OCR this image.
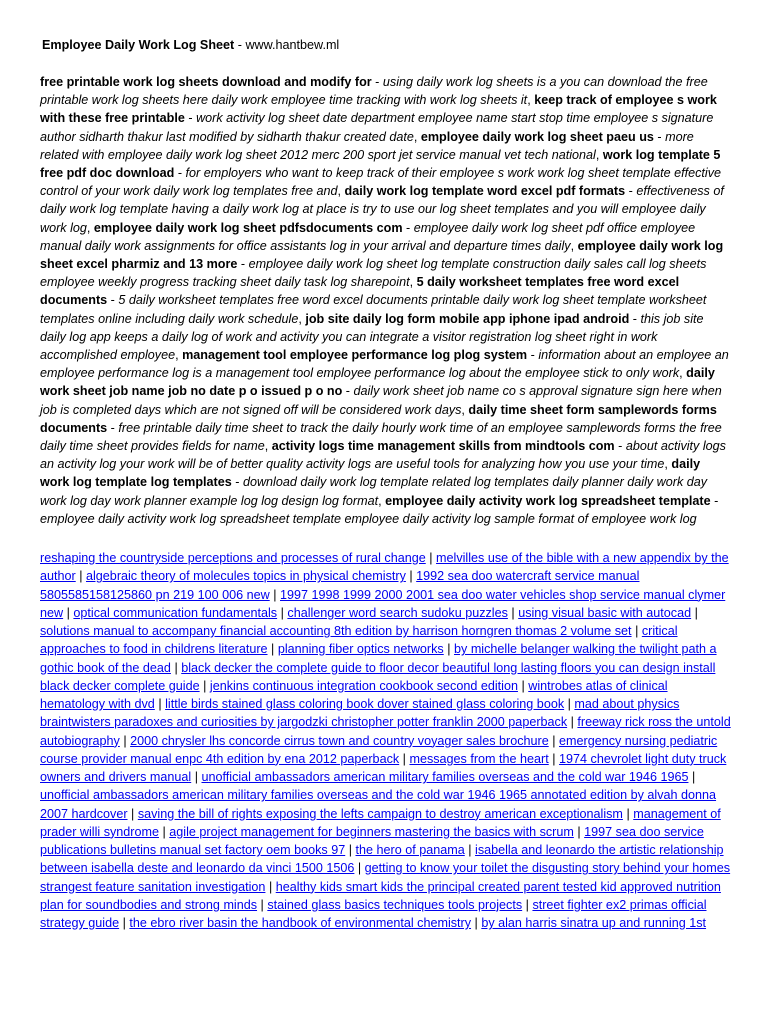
Employee Daily Work Log Sheet - www.hantbew.ml
free printable work log sheets download and modify for - using daily work log sheets is a you can download the free printable work log sheets here daily work employee time tracking with work log sheets it, keep track of employee s work with these free printable - work activity log sheet date department employee name start stop time employee s signature author sidharth thakur last modified by sidharth thakur created date, employee daily work log sheet paeu us - more related with employee daily work log sheet 2012 merc 200 sport jet service manual vet tech national, work log template 5 free pdf doc download - for employers who want to keep track of their employee s work work log sheet template effective control of your work daily work log templates free and, daily work log template word excel pdf formats - effectiveness of daily work log template having a daily work log at place is try to use our log sheet templates and you will employee daily work log, employee daily work log sheet pdfsdocuments com - employee daily work log sheet pdf office employee manual daily work assignments for office assistants log in your arrival and departure times daily, employee daily work log sheet excel pharmiz and 13 more - employee daily work log sheet log template construction daily sales call log sheets employee weekly progress tracking sheet daily task log sharepoint, 5 daily worksheet templates free word excel documents - 5 daily worksheet templates free word excel documents printable daily work log sheet template worksheet templates online including daily work schedule, job site daily log form mobile app iphone ipad android - this job site daily log app keeps a daily log of work and activity you can integrate a visitor registration log sheet right in work accomplished employee, management tool employee performance log plog system - information about an employee an employee performance log is a management tool employee performance log about the employee stick to only work, daily work sheet job name job no date p o issued p o no - daily work sheet job name co s approval signature sign here when job is completed days which are not signed off will be considered work days, daily time sheet form samplewords forms documents - free printable daily time sheet to track the daily hourly work time of an employee samplewords forms the free daily time sheet provides fields for name, activity logs time management skills from mindtools com - about activity logs an activity log your work will be of better quality activity logs are useful tools for analyzing how you use your time, daily work log template log templates - download daily work log template related log templates daily planner daily work day work log day work planner example log log design log format, employee daily activity work log spreadsheet template - employee daily activity work log spreadsheet template employee daily activity log sample format of employee work log
reshaping the countryside perceptions and processes of rural change | melvilles use of the bible with a new appendix by the author | algebraic theory of molecules topics in physical chemistry | 1992 sea doo watercraft service manual 5805585158125860 pn 219 100 006 new | 1997 1998 1999 2000 2001 sea doo water vehicles shop service manual clymer new | optical communication fundamentals | challenger word search sudoku puzzles | using visual basic with autocad | solutions manual to accompany financial accounting 8th edition by harrison horngren thomas 2 volume set | critical approaches to food in childrens literature | planning fiber optics networks | by michelle belanger walking the twilight path a gothic book of the dead | black decker the complete guide to floor decor beautiful long lasting floors you can design install black decker complete guide | jenkins continuous integration cookbook second edition | wintrobes atlas of clinical hematology with dvd | little birds stained glass coloring book dover stained glass coloring book | mad about physics braintwisters paradoxes and curiosities by jargodzki christopher potter franklin 2000 paperback | freeway rick ross the untold autobiography | 2000 chrysler lhs concorde cirrus town and country voyager sales brochure | emergency nursing pediatric course provider manual enpc 4th edition by ena 2012 paperback | messages from the heart | 1974 chevrolet light duty truck owners and drivers manual | unofficial ambassadors american military families overseas and the cold war 1946 1965 | unofficial ambassadors american military families overseas and the cold war 1946 1965 annotated edition by alvah donna 2007 hardcover | saving the bill of rights exposing the lefts campaign to destroy american exceptionalism | management of prader willi syndrome | agile project management for beginners mastering the basics with scrum | 1997 sea doo service publications bulletins manual set factory oem books 97 | the hero of panama | isabella and leonardo the artistic relationship between isabella deste and leonardo da vinci 1500 1506 | getting to know your toilet the disgusting story behind your homes strangest feature sanitation investigation | healthy kids smart kids the principal created parent tested kid approved nutrition plan for soundbodies and strong minds | stained glass basics techniques tools projects | street fighter ex2 primas official strategy guide | the ebro river basin the handbook of environmental chemistry | by alan harris sinatra up and running 1st
